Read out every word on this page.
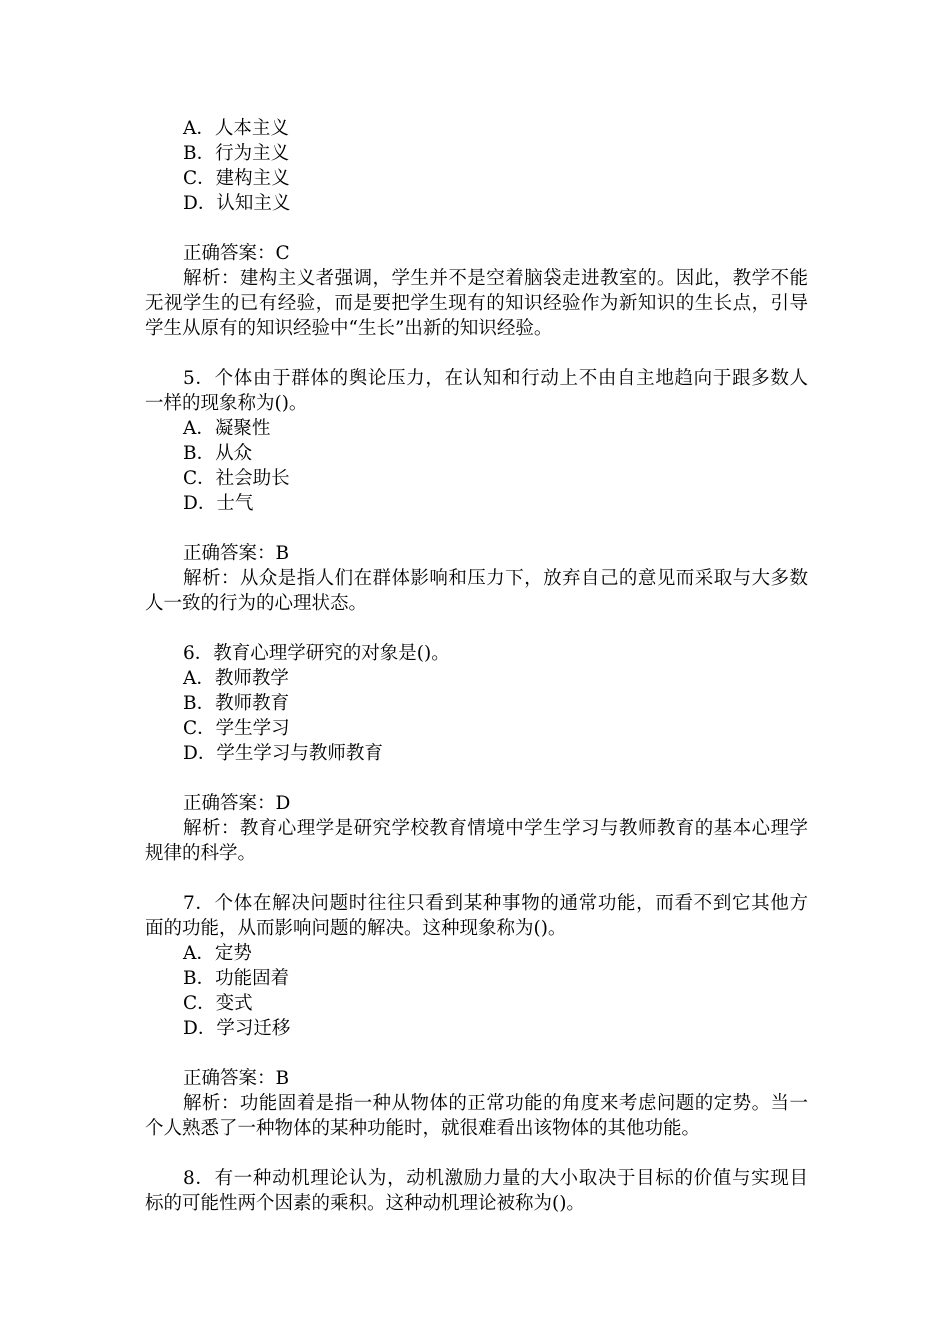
A．人本主义
B．行为主义
C．建构主义
D．认知主义
正确答案：C
解析：建构主义者强调，学生并不是空着脑袋走进教室的。因此，教学不能
无视学生的已有经验，而是要把学生现有的知识经验作为新知识的生长点，引导
学生从原有的知识经验中“生长”出新的知识经验。
5．个体由于群体的舆论压力，在认知和行动上不由自主地趋向于跟多数人
一样的现象称为()。
A．凝聚性
B．从众
C．社会助长
D．士气
正确答案：B
解析：从众是指人们在群体影响和压力下，放弃自己的意见而采取与大多数
人一致的行为的心理状态。
6．教育心理学研究的对象是()。
A．教师教学
B．教师教育
C．学生学习
D．学生学习与教师教育
正确答案：D
解析：教育心理学是研究学校教育情境中学生学习与教师教育的基本心理学
规律的科学。
7．个体在解决问题时往往只看到某种事物的通常功能，而看不到它其他方
面的功能，从而影响问题的解决。这种现象称为()。
A．定势
B．功能固着
C．变式
D．学习迁移
正确答案：B
解析：功能固着是指一种从物体的正常功能的角度来考虑问题的定势。当一
个人熟悉了一种物体的某种功能时，就很难看出该物体的其他功能。
8．有一种动机理论认为，动机激励力量的大小取决于目标的价值与实现目
标的可能性两个因素的乘积。这种动机理论被称为()。
